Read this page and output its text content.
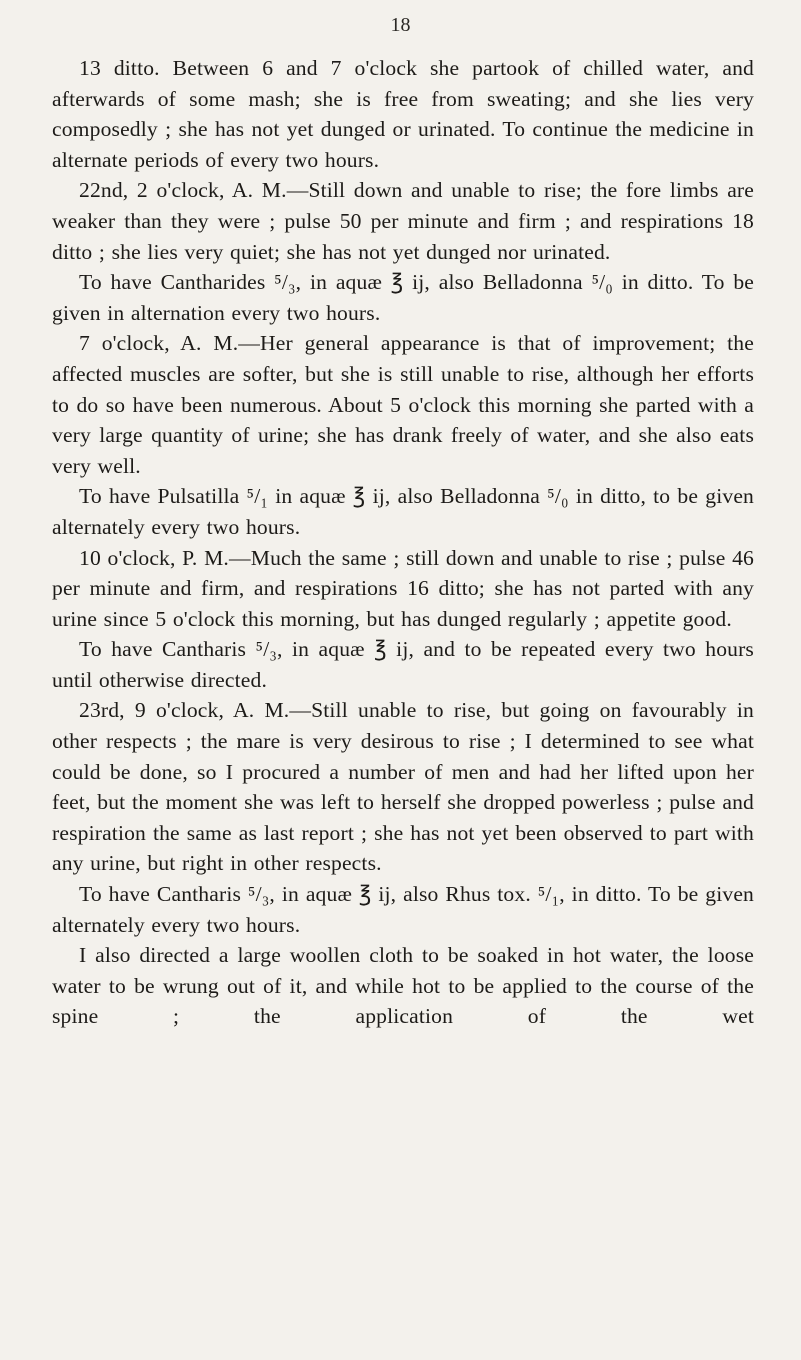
18

13 ditto. Between 6 and 7 o'clock she partook of chilled water, and afterwards of some mash; she is free from sweating; and she lies very composedly ; she has not yet dunged or urinated. To continue the medicine in alternate periods of every two hours.

22nd, 2 o'clock, A. M.—Still down and unable to rise; the fore limbs are weaker than they were ; pulse 50 per minute and firm ; and respirations 18 ditto ; she lies very quiet; she has not yet dunged nor urinated.

To have Cantharides ⁵/₃, in aquæ ℥ ij, also Belladonna ⁵/₀ in ditto. To be given in alternation every two hours.

7 o'clock, A. M.—Her general appearance is that of improvement; the affected muscles are softer, but she is still unable to rise, although her efforts to do so have been numerous. About 5 o'clock this morning she parted with a very large quantity of urine; she has drank freely of water, and she also eats very well.

To have Pulsatilla ⁵/₁ in aquæ ℥ ij, also Belladonna ⁵/₀ in ditto, to be given alternately every two hours.

10 o'clock, P. M.—Much the same ; still down and unable to rise ; pulse 46 per minute and firm, and respirations 16 ditto; she has not parted with any urine since 5 o'clock this morning, but has dunged regularly ; appetite good.

To have Cantharis ⁵/₃, in aquæ ℥ ij, and to be repeated every two hours until otherwise directed.

23rd, 9 o'clock, A. M.—Still unable to rise, but going on favourably in other respects ; the mare is very desirous to rise ; I determined to see what could be done, so I procured a number of men and had her lifted upon her feet, but the moment she was left to herself she dropped powerless ; pulse and respiration the same as last report ; she has not yet been observed to part with any urine, but right in other respects.

To have Cantharis ⁵/₃, in aquæ ℥ ij, also Rhus tox. ⁵/₁, in ditto. To be given alternately every two hours.

I also directed a large woollen cloth to be soaked in hot water, the loose water to be wrung out of it, and while hot to be applied to the course of the spine ; the application of the wet
